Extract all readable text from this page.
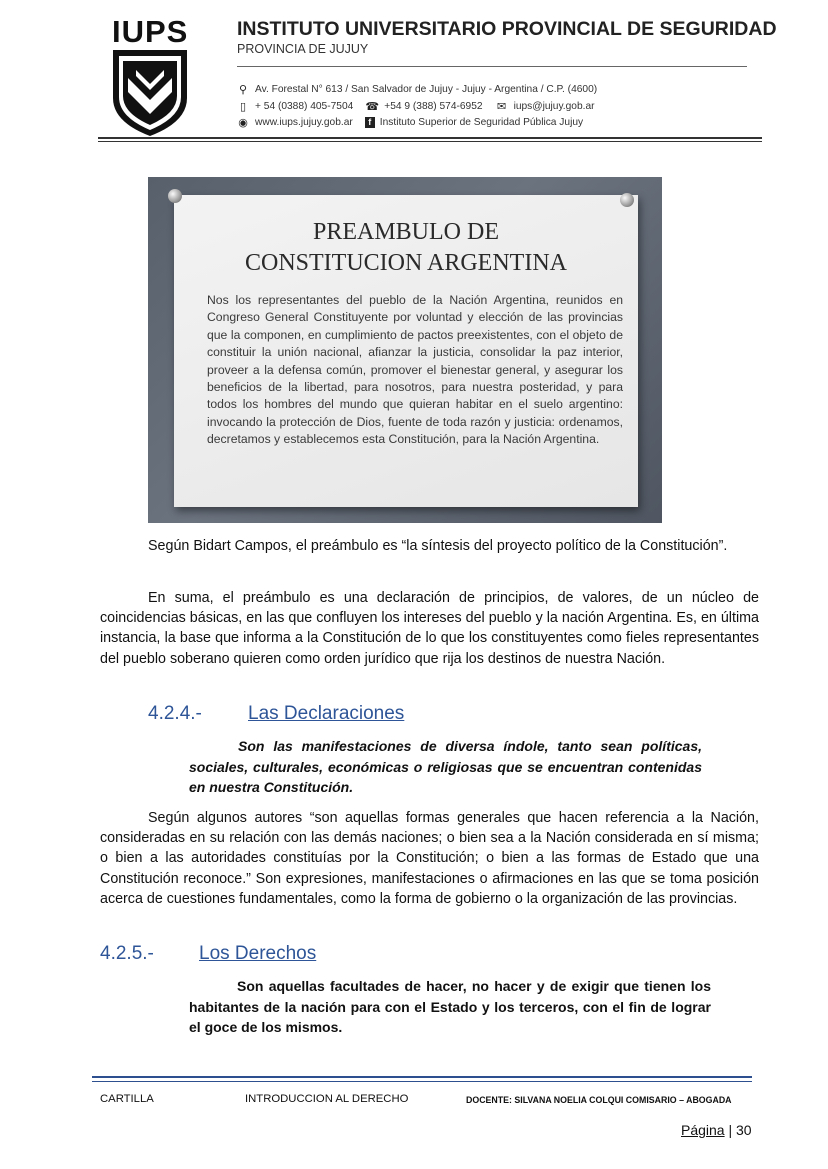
IUPS INSTITUTO UNIVERSITARIO PROVINCIAL DE SEGURIDAD
PROVINCIA DE JUJUY
⚲ Av. Forestal N° 613 / San Salvador de Jujuy - Jujuy - Argentina / C.P. (4600)
▯ + 54 (0388) 405-7504 ☎ +54 9 (388) 574-6952 ✉ iups@jujuy.gob.ar
◉ www.iups.jujuy.gob.ar	f Instituto Superior de Seguridad Pública Jujuy
PREAMBULO DE
CONSTITUCION ARGENTINA
Nos los representantes del pueblo de la Nación Argentina, reunidos en Congreso General Constituyente por voluntad y elección de las provincias que la componen, en cumplimiento de pactos preexistentes, con el objeto de constituir la unión nacional, afianzar la justicia, consolidar la paz interior, proveer a la defensa común, promover el bienestar general, y asegurar los beneficios de la libertad, para nosotros, para nuestra posteridad, y para todos los hombres del mundo que quieran habitar en el suelo argentino: invocando la protección de Dios, fuente de toda razón y justicia: ordenamos, decretamos y establecemos esta Constitución, para la Nación Argentina.
Según Bidart Campos, el preámbulo es “la síntesis del proyecto político de la Constitución”.
En suma, el preámbulo es una declaración de principios, de valores, de un núcleo de coincidencias básicas, en las que confluyen los intereses del pueblo y la nación Argentina. Es, en última instancia, la base que informa a la Constitución de lo que los constituyentes como fieles representantes del pueblo soberano quieren como orden jurídico que rija los destinos de nuestra Nación.
4.2.4.- Las Declaraciones
Son las manifestaciones de diversa índole, tanto sean políticas, sociales, culturales, económicas o religiosas que se encuentran contenidas en nuestra Constitución.
Según algunos autores “son aquellas formas generales que hacen referencia a la Nación, consideradas en su relación con las demás naciones; o bien sea a la Nación considerada en sí misma; o bien a las autoridades constituías por la Constitución; o bien a las formas de Estado que una Constitución reconoce.” Son expresiones, manifestaciones o afirmaciones en las que se toma posición acerca de cuestiones fundamentales, como la forma de gobierno o la organización de las provincias.
4.2.5.- Los Derechos
Son aquellas facultades de hacer, no hacer y de exigir que tienen los habitantes de la nación para con el Estado y los terceros, con el fin de lograr el goce de los mismos.
CARTILLA	INTRODUCCION AL DERECHO	DOCENTE: SILVANA NOELIA COLQUI COMISARIO – ABOGADA
Página | 30
